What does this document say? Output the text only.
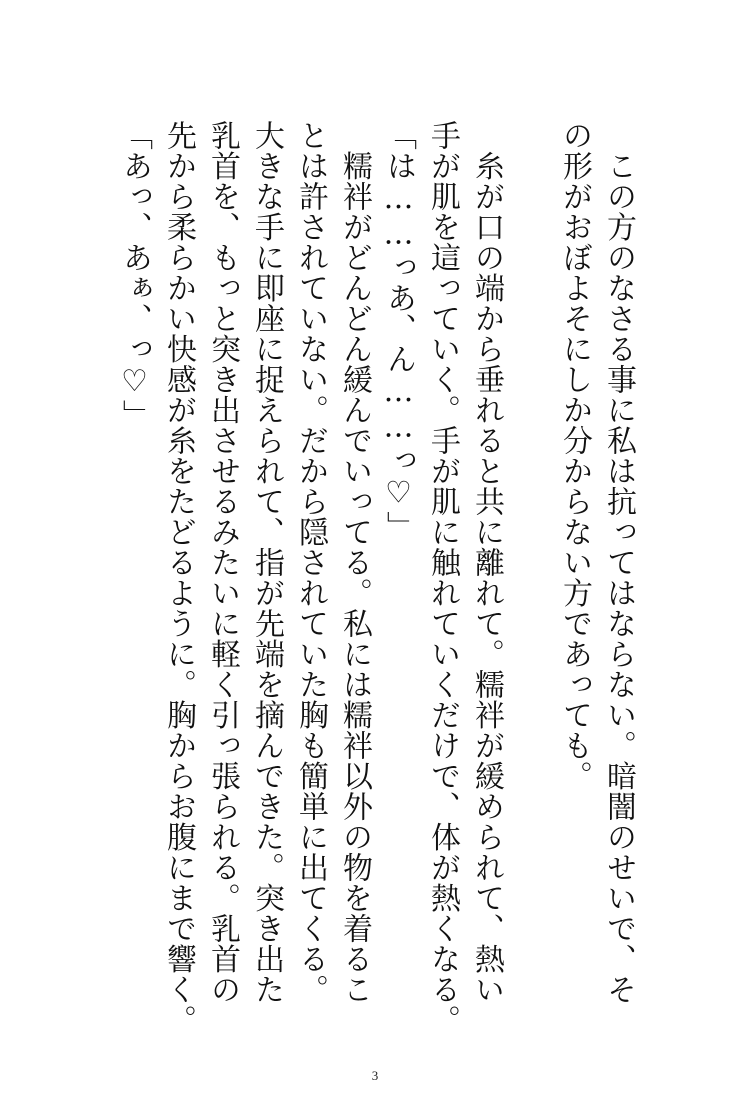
　この方のなさる事に私は抗ってはならない。暗闇のせいで、そ
の形がおぼよそにしか分からない方であっても。
　糸が口の端から垂れると共に離れて。糯袢が緩められて、熱い
手が肌を這っていく。手が肌に触れていくだけで、体が熱くなる。
「は……っあ、ん……っ♡」
　糯袢がどんどん緩んでいってる。私には糯袢以外の物を着るこ
とは許されていない。だから隠されていた胸も簡単に出てくる。
大きな手に即座に捉えられて、指が先端を摘んできた。突き出た
乳首を、もっと突き出させるみたいに軽く引っ張られる。乳首の
先から柔らかい快感が糸をたどるように。胸からお腹にまで響く。
「あっ、あぁ、っ♡」
3
